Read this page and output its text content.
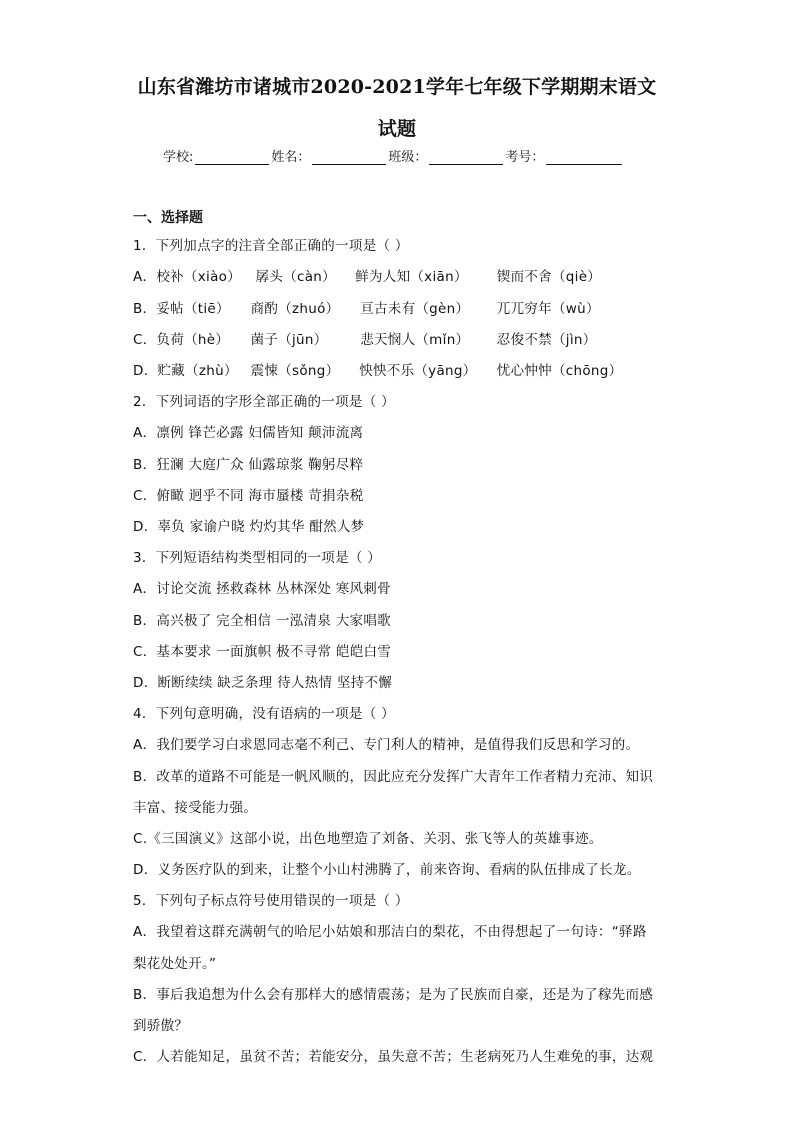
山东省潍坊市诸城市2020-2021学年七年级下学期期末语文
试题
学校:	姓名：	班级：	考号：
一、选择题
1．下列加点字的注音全部正确的一项是（ ）
A．校补（xiào） 孱头（càn） 鲜为人知（xiān） 锲而不舍（qiè）
B．妥帖（tiē） 商酌（zhuó） 亘古未有（gèn） 兀兀穷年（wù）
C．负荷（hè） 菌子（jūn） 悲天悯人（mǐn） 忍俊不禁（jìn）
D．贮藏（zhù） 震悚（sǒng） 怏怏不乐（yāng） 忧心忡忡（chōng）
2．下列词语的字形全部正确的一项是（ ）
A．凛例 锋芒必露 妇儒皆知 颠沛流离
B．狂澜 大庭广众 仙露琼浆 鞠躬尽粹
C．俯瞰 迥乎不同 海市蜃楼 苛捐杂税
D．辜负 家谕户晓 灼灼其华 酣然人梦
3．下列短语结构类型相同的一项是（ ）
A．讨论交流 拯救森林 丛林深处 寒风刺骨
B．高兴极了 完全相信 一泓清泉 大家唱歌
C．基本要求 一面旗帜 极不寻常 皑皑白雪
D．断断续续 缺乏条理 待人热情 坚持不懈
4．下列句意明确，没有语病的一项是（ ）
A．我们要学习白求恩同志毫不利己、专门利人的精神，是值得我们反思和学习的。
B．改革的道路不可能是一帆风顺的，因此应充分发挥广大青年工作者精力充沛、知识
丰富、接受能力强。
C.《三国演义》这部小说，出色地塑造了刘备、关羽、张飞等人的英雄事迹。
D．义务医疗队的到来，让整个小山村沸腾了，前来咨询、看病的队伍排成了长龙。
5．下列句子标点符号使用错误的一项是（ ）
A．我望着这群充满朝气的哈尼小姑娘和那洁白的梨花，不由得想起了一句诗：“驿路
梨花处处开。”
B．事后我追想为什么会有那样大的感情震荡；是为了民族而自豪，还是为了稼先而感
到骄傲？
C．人若能知足，虽贫不苦；若能安分，虽失意不苦；生老病死乃人生难免的事，达观
